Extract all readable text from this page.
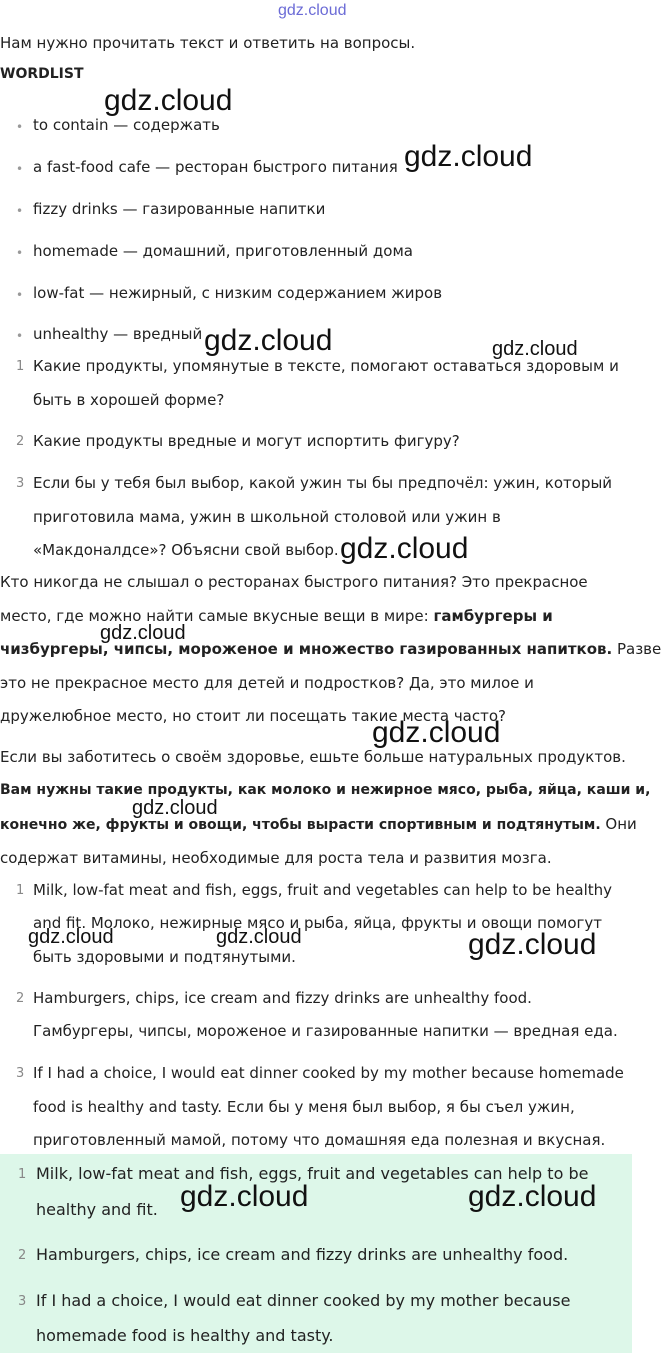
gdz.cloud
Нам нужно прочитать текст и ответить на вопросы.
WORDLIST
• to contain — содержать
• a fast-food cafe — ресторан быстрого питания
• fizzy drinks — газированные напитки
• homemade — домашний, приготовленный дома
• low-fat — нежирный, с низким содержанием жиров
• unhealthy — вредный
1 Какие продукты, упомянутые в тексте, помогают оставаться здоровым и
быть в хорошей форме?
2 Какие продукты вредные и могут испортить фигуру?
3 Если бы у тебя был выбор, какой ужин ты бы предпочёл: ужин, который
приготовила мама, ужин в школьной столовой или ужин в
«Макдоналдсе»? Объясни свой выбор.
Кто никогда не слышал о ресторанах быстрого питания? Это прекрасное
место, где можно найти самые вкусные вещи в мире: гамбургеры и
чизбургеры, чипсы, мороженое и множество газированных напитков. Разве
это не прекрасное место для детей и подростков? Да, это милое и
дружелюбное место, но стоит ли посещать такие места часто?
Если вы заботитесь о своём здоровье, ешьте больше натуральных продуктов.
Вам нужны такие продукты, как молоко и нежирное мясо, рыба, яйца, каши и,
конечно же, фрукты и овощи, чтобы вырасти спортивным и подтянутым. Они
содержат витамины, необходимые для роста тела и развития мозга.
1 Milk, low-fat meat and fish, eggs, fruit and vegetables can help to be healthy
and fit. Молоко, нежирные мясо и рыба, яйца, фрукты и овощи помогут
быть здоровыми и подтянутыми.
2 Hamburgers, chips, ice cream and fizzy drinks are unhealthy food.
Гамбургеры, чипсы, мороженое и газированные напитки — вредная еда.
3 If I had a choice, I would eat dinner cooked by my mother because homemade
food is healthy and tasty. Если бы у меня был выбор, я бы съел ужин,
приготовленный мамой, потому что домашняя еда полезная и вкусная.
1 Milk, low-fat meat and fish, eggs, fruit and vegetables can help to be
healthy and fit.
2 Hamburgers, chips, ice cream and fizzy drinks are unhealthy food.
3 If I had a choice, I would eat dinner cooked by my mother because
homemade food is healthy and tasty.
gdz.cloud
gdz.cloud
gdz.cloud	gdz.cloud
gdz.cloud
gdz.cloud
gdz.cloud
gdz.cloud
gdz.cloud	gdz.cloud	gdz.cloud
gdz.cloud	gdz.cloud
